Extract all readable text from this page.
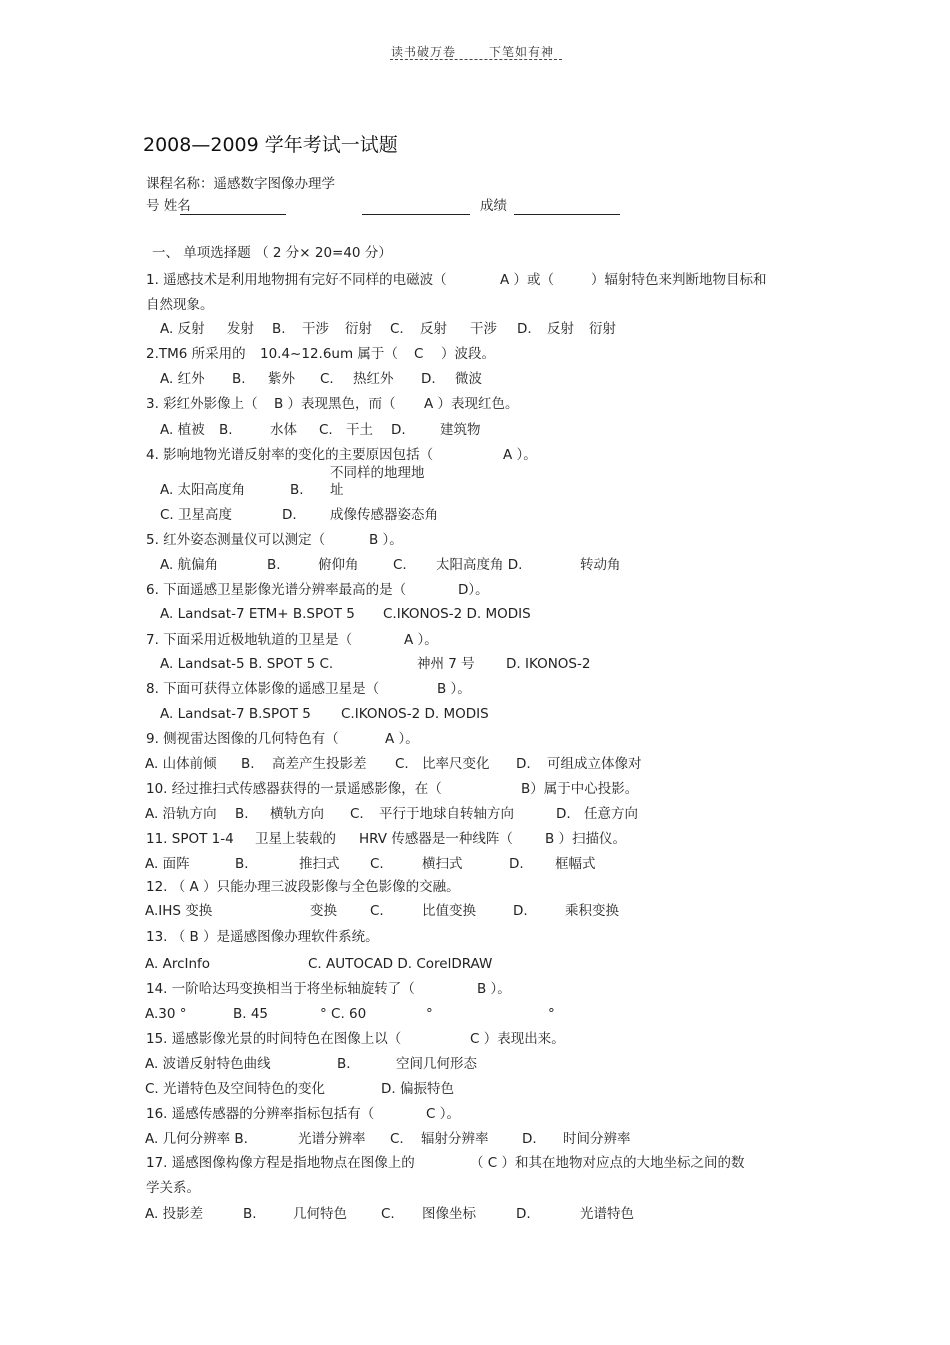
读书破万卷	下笔如有神
2008—2009 学年考试一试题
课程名称：遥感数字图像办理学
号 姓名	成绩
一、 单项选择题 （ 2 分× 20=40 分）
1. 遥感技术是利用地物拥有完好不同样的电磁波（	A ）或（	）辐射特色来判断地物目标和
自然现象。
A. 反射 发射 B. 干涉 衍射 C. 反射 干涉 D. 反射 衍射
2.TM6 所采用的 10.4~12.6um 属于（ C ）波段。
A. 红外 B. 紫外 C. 热红外 D. 微波
3. 彩红外影像上（ B ）表现黑色，而（ A ）表现红色。
A. 植被 B.	水体 C. 干土 D.	建筑物
4. 影响地物光谱反射率的变化的主要原因包括（	A ）。
不同样的地理地
A. 太阳高度角	B. 址
C. 卫星高度	D. 成像传感器姿态角
5. 红外姿态测量仪可以测定（	B ）。
A. 航偏角	B.	俯仰角	C. 太阳高度角 D.	转动角
6. 下面遥感卫星影像光谱分辨率最高的是（	D）。
A. Landsat-7 ETM+ B.SPOT 5 C.IKONOS-2 D. MODIS
7. 下面采用近极地轨道的卫星是（	A ）。
A. Landsat-5 B. SPOT 5 C.	神州 7 号 D. IKONOS-2
8. 下面可获得立体影像的遥感卫星是（	B ）。
A. Landsat-7 B.SPOT 5 C.IKONOS-2 D. MODIS
9. 侧视雷达图像的几何特色有（	A ）。
A. 山体前倾 B. 高差产生投影差 C. 比率尺变化 D. 可组成立体像对
10. 经过推扫式传感器获得的一景遥感影像，在（	B）属于中心投影。
A. 沿轨方向 B. 横轨方向 C. 平行于地球自转轴方向	D. 任意方向
11. SPOT 1-4 卫星上装载的 HRV 传感器是一种线阵（ B ）扫描仪。
A. 面阵	B.	推扫式 C.	横扫式	D. 框幅式
12. （ A ）只能办理三波段影像与全色影像的交融。
A.IHS 变换	变换 C.	比值变换	D.	乘积变换
13. （ B ）是遥感图像办理软件系统。
A. ArcInfo	C. AUTOCAD D. CorelDRAW
14. 一阶哈达玛变换相当于将坐标轴旋转了（	B ）。
A.30 °	B. 45	° C. 60	°	°
15. 遥感影像光景的时间特色在图像上以（	C ）表现出来。
A. 波谱反射特色曲线	B.	空间几何形态
C. 光谱特色及空间特色的变化	D. 偏振特色
16. 遥感传感器的分辨率指标包括有（	C ）。
A. 几何分辨率 B.	光谱分辨率 C. 辐射分辨率 D. 时间分辨率
17. 遥感图像构像方程是指地物点在图像上的	（ C ）和其在地物对应点的大地坐标之间的数
学关系。
A. 投影差	B.	几何特色	C. 图像坐标	D.	光谱特色
